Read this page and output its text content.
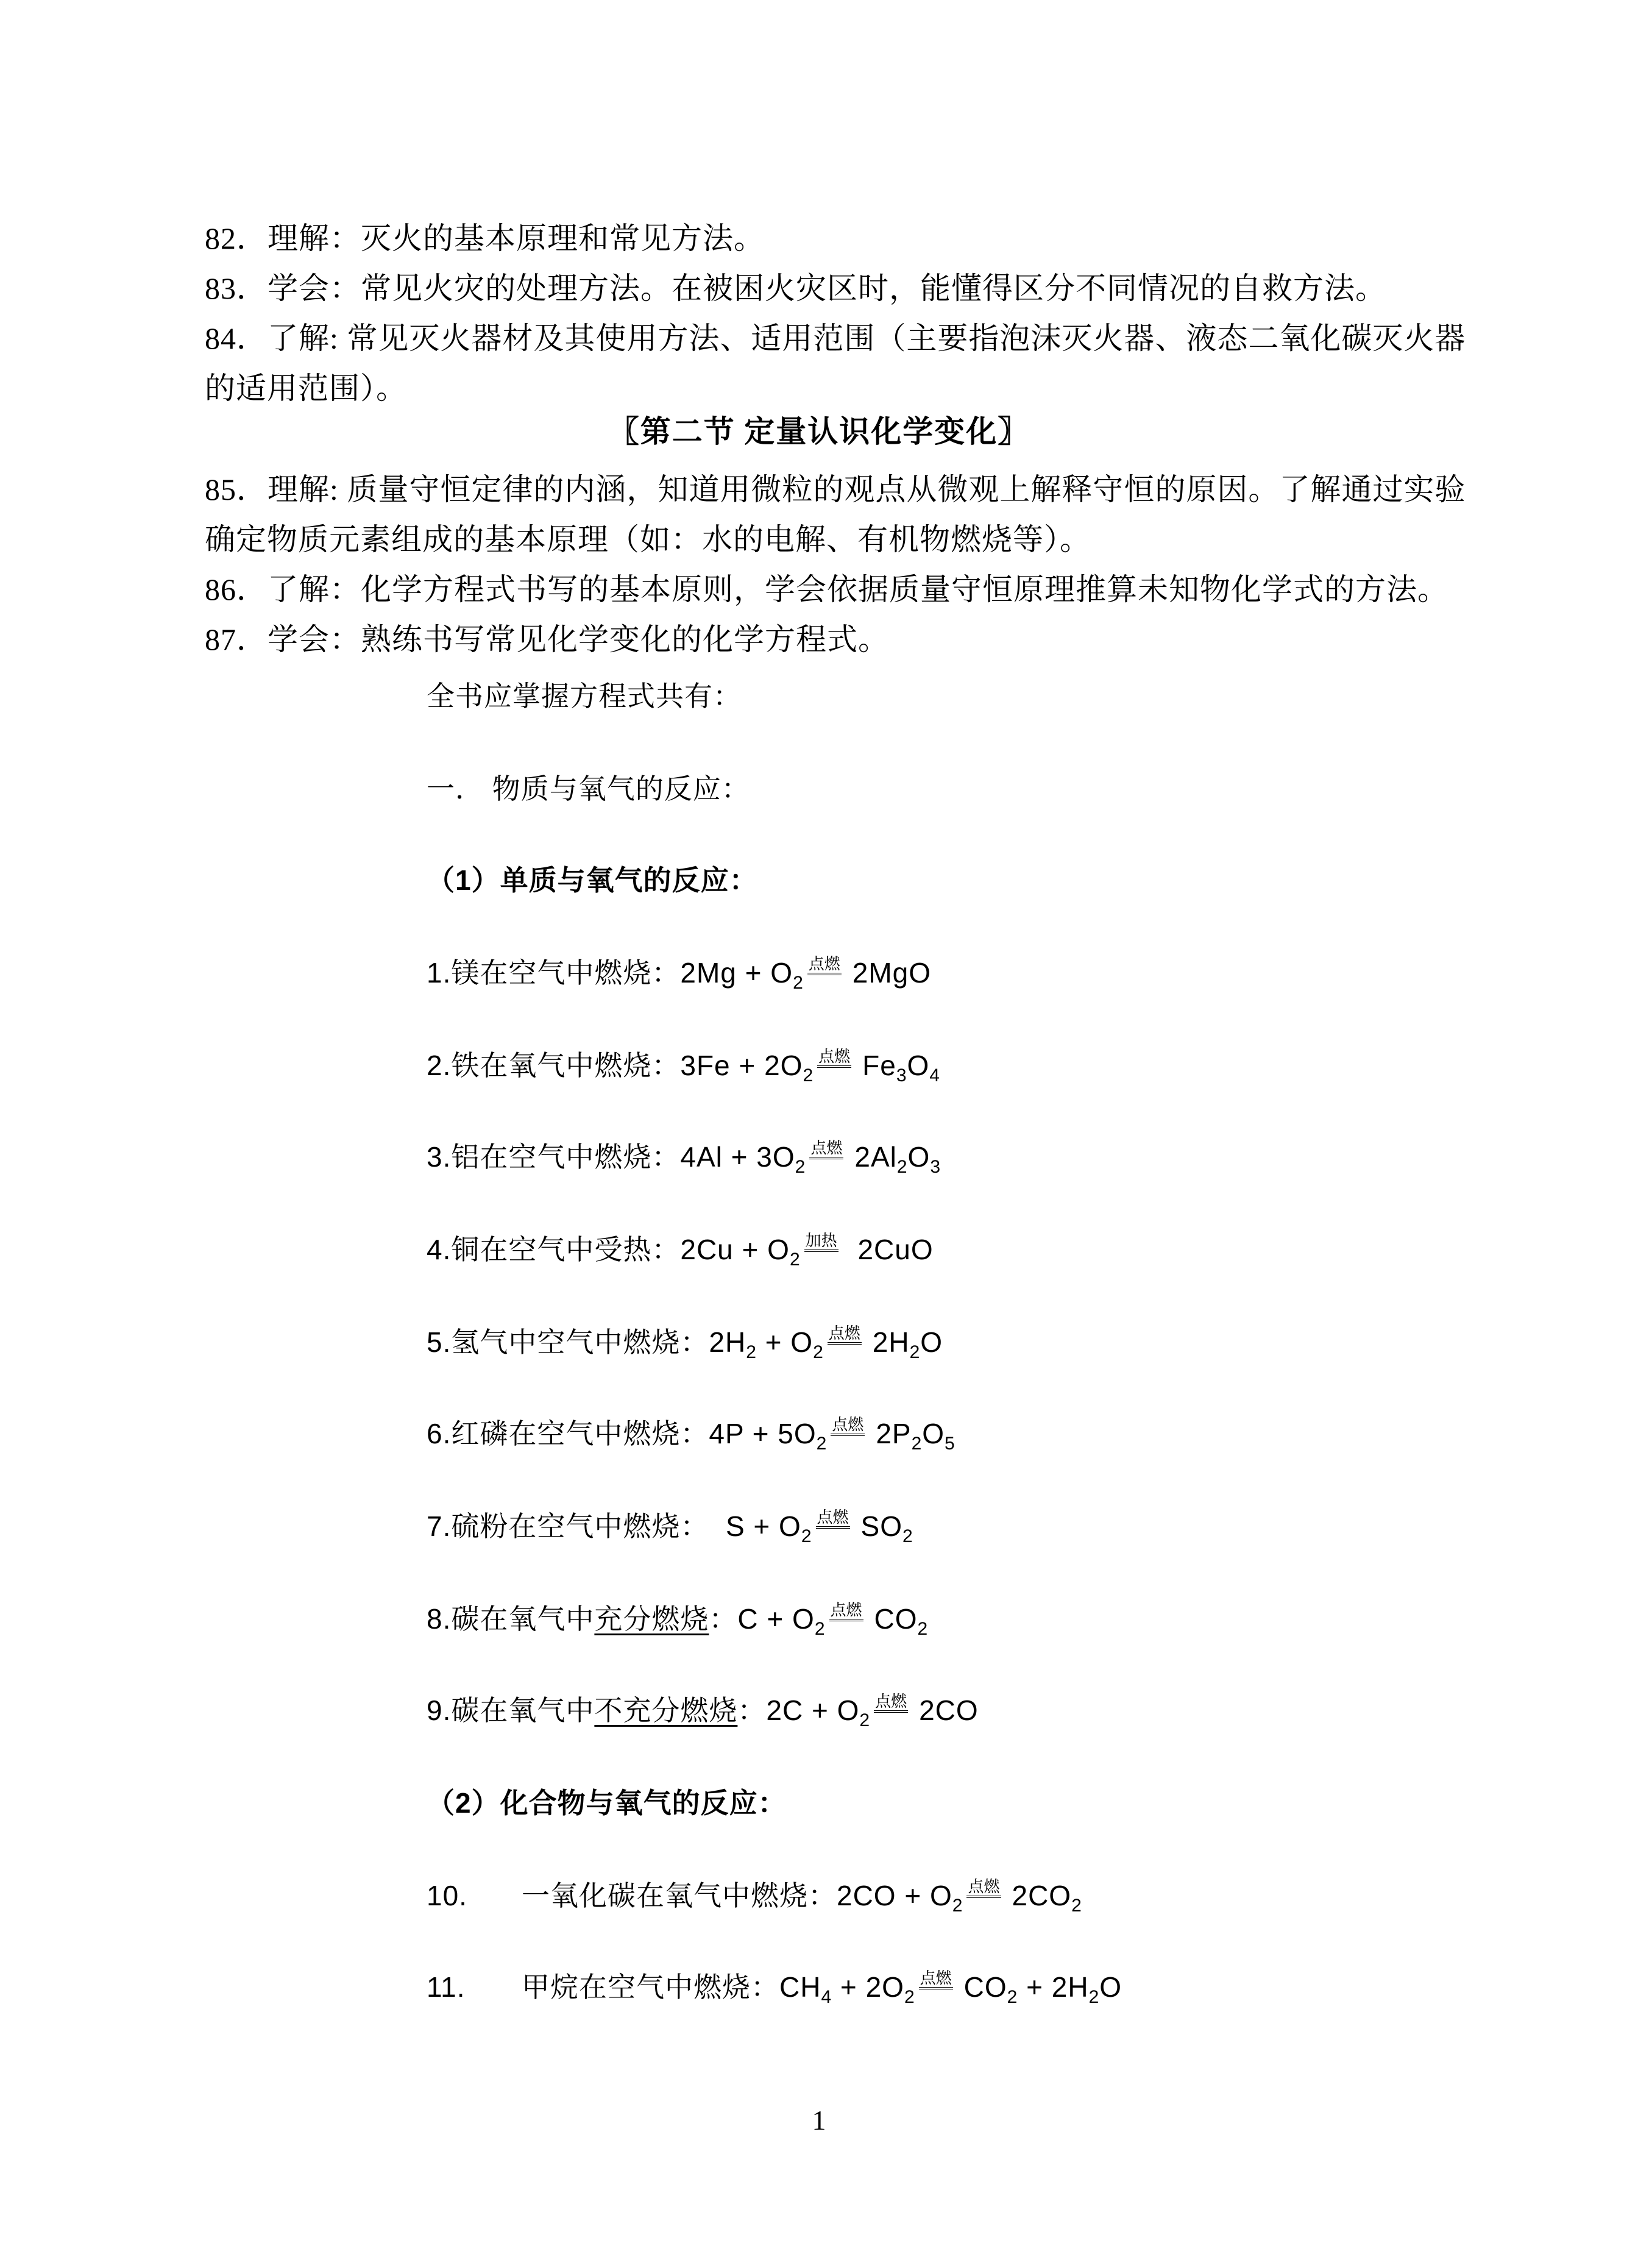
82．理解：灭火的基本原理和常见方法。
83．学会：常见火灾的处理方法。在被困火灾区时，能懂得区分不同情况的自救方法。
84．了解: 常见灭火器材及其使用方法、适用范围（主要指泡沫灭火器、液态二氧化碳灭火器的适用范围）。
〖第二节 定量认识化学变化〗
85．理解: 质量守恒定律的内涵，知道用微粒的观点从微观上解释守恒的原因。了解通过实验确定物质元素组成的基本原理（如：水的电解、有机物燃烧等）。
86．了解：化学方程式书写的基本原则，学会依据质量守恒原理推算未知物化学式的方法。
87．学会：熟练书写常见化学变化的化学方程式。
全书应掌握方程式共有：
一． 物质与氧气的反应：
（1）单质与氧气的反应：
1.镁在空气中燃烧：$2Mg + O_2$点燃 2MgO
2.铁在氧气中燃烧：$3Fe + 2O_2$点燃 $Fe_3O_4$
3.铝在空气中燃烧：$4Al + 3O_2$点燃 $2Al_2O_3$
4.铜在空气中受热：$2Cu + O_2$加热 2CuO
5.氢气中空气中燃烧：$2H_2 + O_2$点燃 $2H_2O$
6.红磷在空气中燃烧：$4P + 5O_2$点燃 $2P_2O_5$
7.硫粉在空气中燃烧：  $S + O_2$点燃 $SO_2$
8.碳在氧气中充分燃烧：$C + O_2$点燃 $CO_2$
9.碳在氧气中不充分燃烧：$2C + O_2$点燃 2CO
（2）化合物与氧气的反应：
10. 一氧化碳在氧气中燃烧：$2CO + O_2$点燃 $2CO_2$
11. 甲烷在空气中燃烧：$CH_4 + 2O_2$点燃 $CO_2 + 2H_2O$
1
